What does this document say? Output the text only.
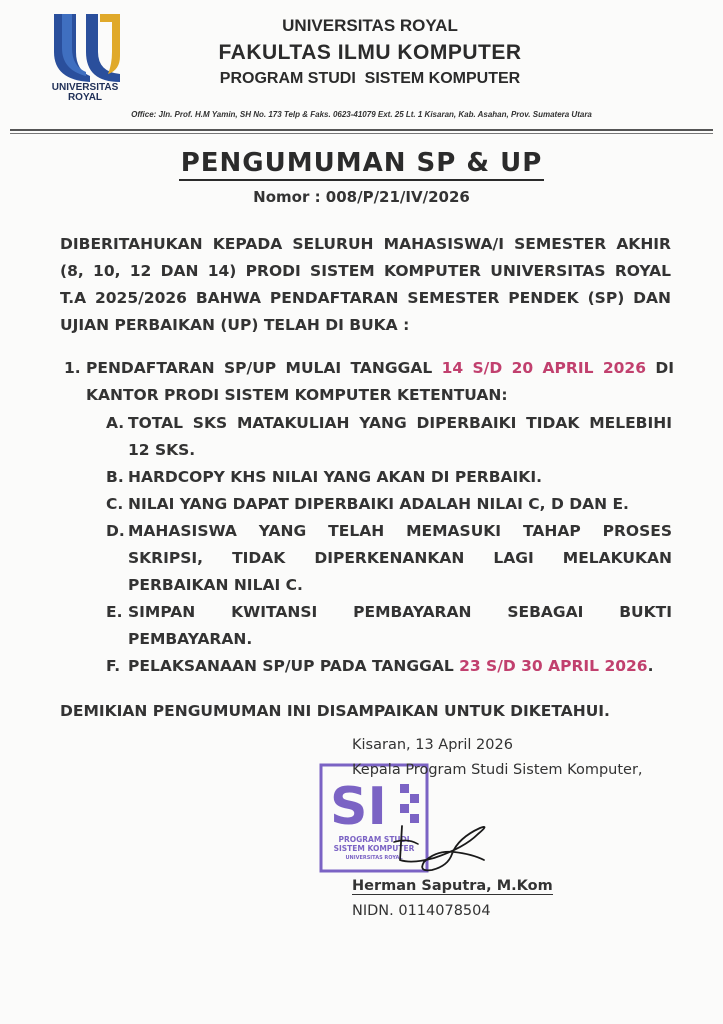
UNIVERSITAS
ROYAL
UNIVERSITAS ROYAL
FAKULTAS ILMU KOMPUTER
PROGRAM STUDI  SISTEM KOMPUTER
Office: Jln. Prof. H.M Yamin, SH No. 173 Telp & Faks. 0623-41079 Ext. 25 Lt. 1 Kisaran, Kab. Asahan, Prov. Sumatera Utara
PENGUMUMAN SP & UP
Nomor : 008/P/21/IV/2026
DIBERITAHUKAN KEPADA SELURUH MAHASISWA/I SEMESTER AKHIR
(8, 10, 12 DAN 14) PRODI SISTEM KOMPUTER UNIVERSITAS ROYAL
T.A 2025/2026 BAHWA PENDAFTARAN SEMESTER PENDEK (SP) DAN
UJIAN PERBAIKAN (UP) TELAH DI BUKA :
1. PENDAFTARAN SP/UP MULAI TANGGAL 14 S/D 20 APRIL 2026 DI
KANTOR PRODI SISTEM KOMPUTER KETENTUAN:
A. TOTAL SKS MATAKULIAH YANG DIPERBAIKI TIDAK MELEBIHI
12 SKS.
B. HARDCOPY KHS NILAI YANG AKAN DI PERBAIKI.
C. NILAI YANG DAPAT DIPERBAIKI ADALAH NILAI C, D DAN E.
D. MAHASISWA YANG TELAH MEMASUKI TAHAP PROSES
SKRIPSI, TIDAK DIPERKENANKAN LAGI MELAKUKAN
PERBAIKAN NILAI C.
E. SIMPAN KWITANSI PEMBAYARAN SEBAGAI BUKTI
PEMBAYARAN.
F. PELAKSANAAN SP/UP PADA TANGGAL 23 S/D 30 APRIL 2026.
DEMIKIAN PENGUMUMAN INI DISAMPAIKAN UNTUK DIKETAHUI.
Kisaran, 13 April 2026
Kepala Program Studi Sistem Komputer,
SI
PROGRAM STUDI
SISTEM KOMPUTER
UNIVERSITAS ROYAL
Herman Saputra, M.Kom
NIDN. 0114078504
